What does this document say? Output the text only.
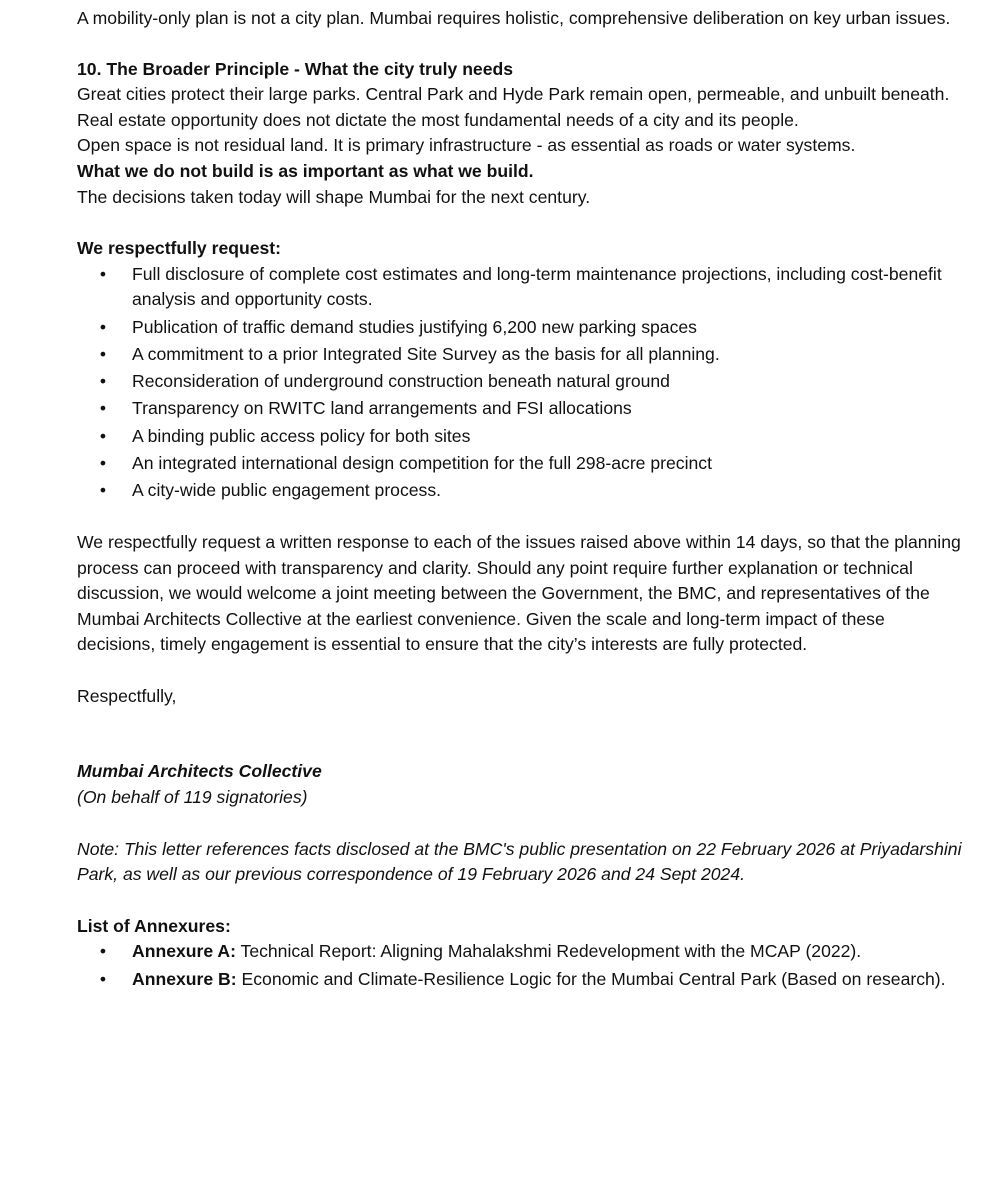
A mobility-only plan is not a city plan. Mumbai requires holistic, comprehensive deliberation on key urban issues.

10. The Broader Principle - What the city truly needs

Great cities protect their large parks. Central Park and Hyde Park remain open, permeable, and unbuilt beneath. Real estate opportunity does not dictate the most fundamental needs of a city and its people.

Open space is not residual land. It is primary infrastructure - as essential as roads or water systems.

What we do not build is as important as what we build.

The decisions taken today will shape Mumbai for the next century.

We respectfully request:

• Full disclosure of complete cost estimates and long-term maintenance projections, including cost-benefit analysis and opportunity costs.
• Publication of traffic demand studies justifying 6,200 new parking spaces
• A commitment to a prior Integrated Site Survey as the basis for all planning.
• Reconsideration of underground construction beneath natural ground
• Transparency on RWITC land arrangements and FSI allocations
• A binding public access policy for both sites
• An integrated international design competition for the full 298-acre precinct
• A city-wide public engagement process.

We respectfully request a written response to each of the issues raised above within 14 days, so that the planning process can proceed with transparency and clarity. Should any point require further explanation or technical discussion, we would welcome a joint meeting between the Government, the BMC, and representatives of the Mumbai Architects Collective at the earliest convenience. Given the scale and long-term impact of these decisions, timely engagement is essential to ensure that the city’s interests are fully protected.

Respectfully,

Mumbai Architects Collective

(On behalf of 119 signatories)

Note: This letter references facts disclosed at the BMC's public presentation on 22 February 2026 at Priyadarshini Park, as well as our previous correspondence of 19 February 2026 and 24 Sept 2024.

List of Annexures:

• Annexure A: Technical Report: Aligning Mahalakshmi Redevelopment with the MCAP (2022).
• Annexure B: Economic and Climate-Resilience Logic for the Mumbai Central Park (Based on research).
